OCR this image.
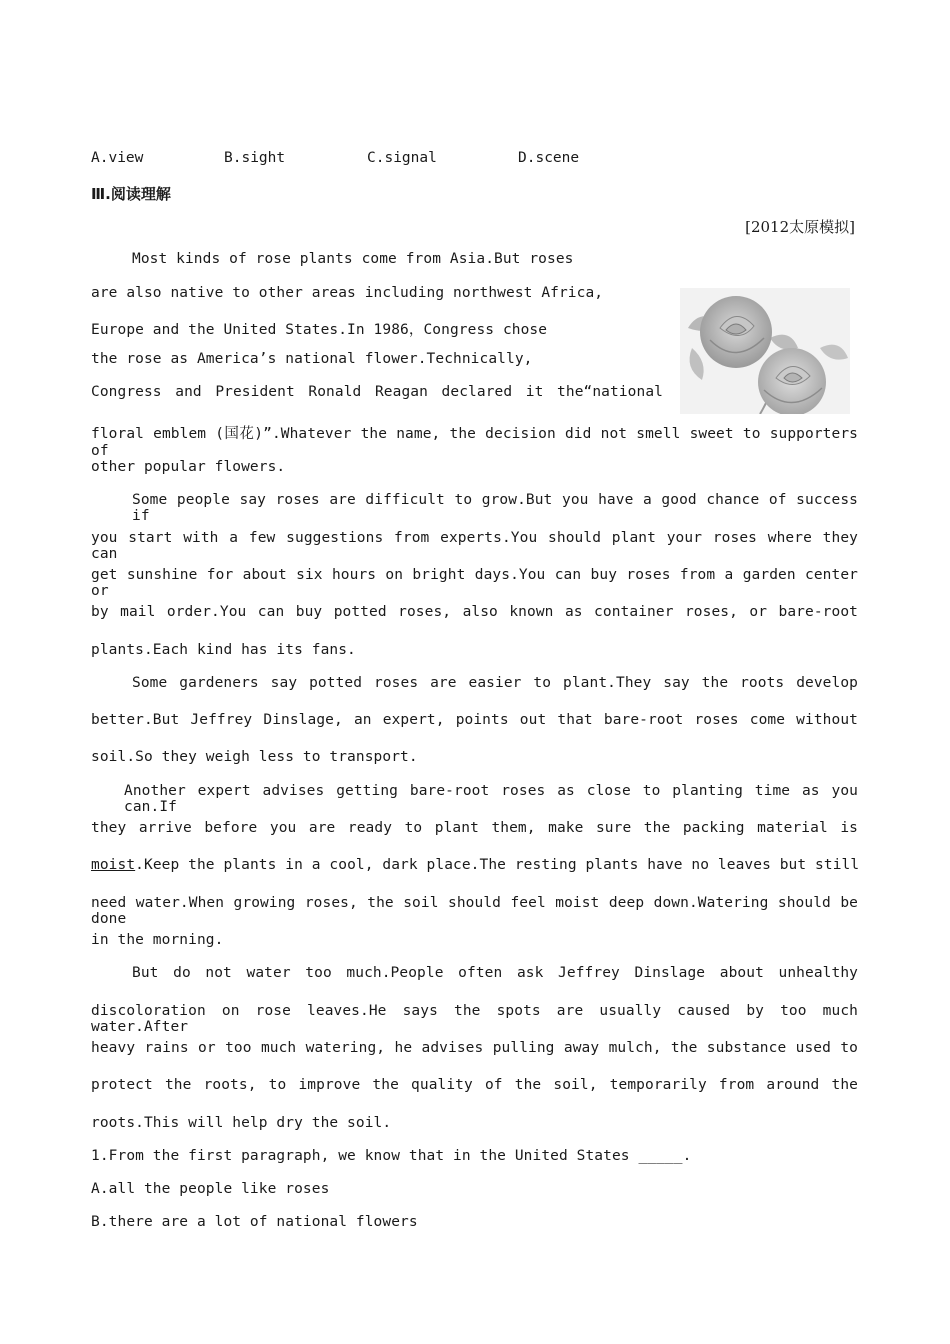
A.view	B.sight	C.signal	D.scene
Ⅲ.阅读理解
[2012太原模拟]
Most kinds of rose plants come from Asia.But roses
are also native to other areas including northwest Africa,
Europe and the United States.In 1986，Congress chose
the rose as America’s national flower.Technically,
Congress and President Ronald Reagan declared it the“national
floral emblem (国花)”.Whatever the name, the decision did not smell sweet to supporters of
other popular flowers.
Some people say roses are difficult to grow.But you have a good chance of success if
you start with a few suggestions from experts.You should plant your roses where they can
get sunshine for about six hours on bright days.You can buy roses from a garden center or
by mail order.You can buy potted roses, also known as container roses, or bare-root
plants.Each kind has its fans.
Some gardeners say potted roses are easier to plant.They say the roots develop
better.But Jeffrey Dinslage, an expert, points out that bare-root roses come without
soil.So they weigh less to transport.
Another expert advises getting bare-root roses as close to planting time as you can.If
they arrive before you are ready to plant them, make sure the packing material is
moist .Keep the plants in a cool, dark place.The resting plants have no leaves but still
need water.When growing roses, the soil should feel moist deep down.Watering should be done
in the morning.
But do not water too much.People often ask Jeffrey Dinslage about unhealthy
discoloration on rose leaves.He says the spots are usually caused by too much water.After
heavy rains or too much watering, he advises pulling away mulch, the substance used to
protect the roots, to improve the quality of the soil, temporarily from around the
roots.This will help dry the soil.
1.From the first paragraph, we know that in the United States _____.
A.all the people like roses
B.there are a lot of national flowers
